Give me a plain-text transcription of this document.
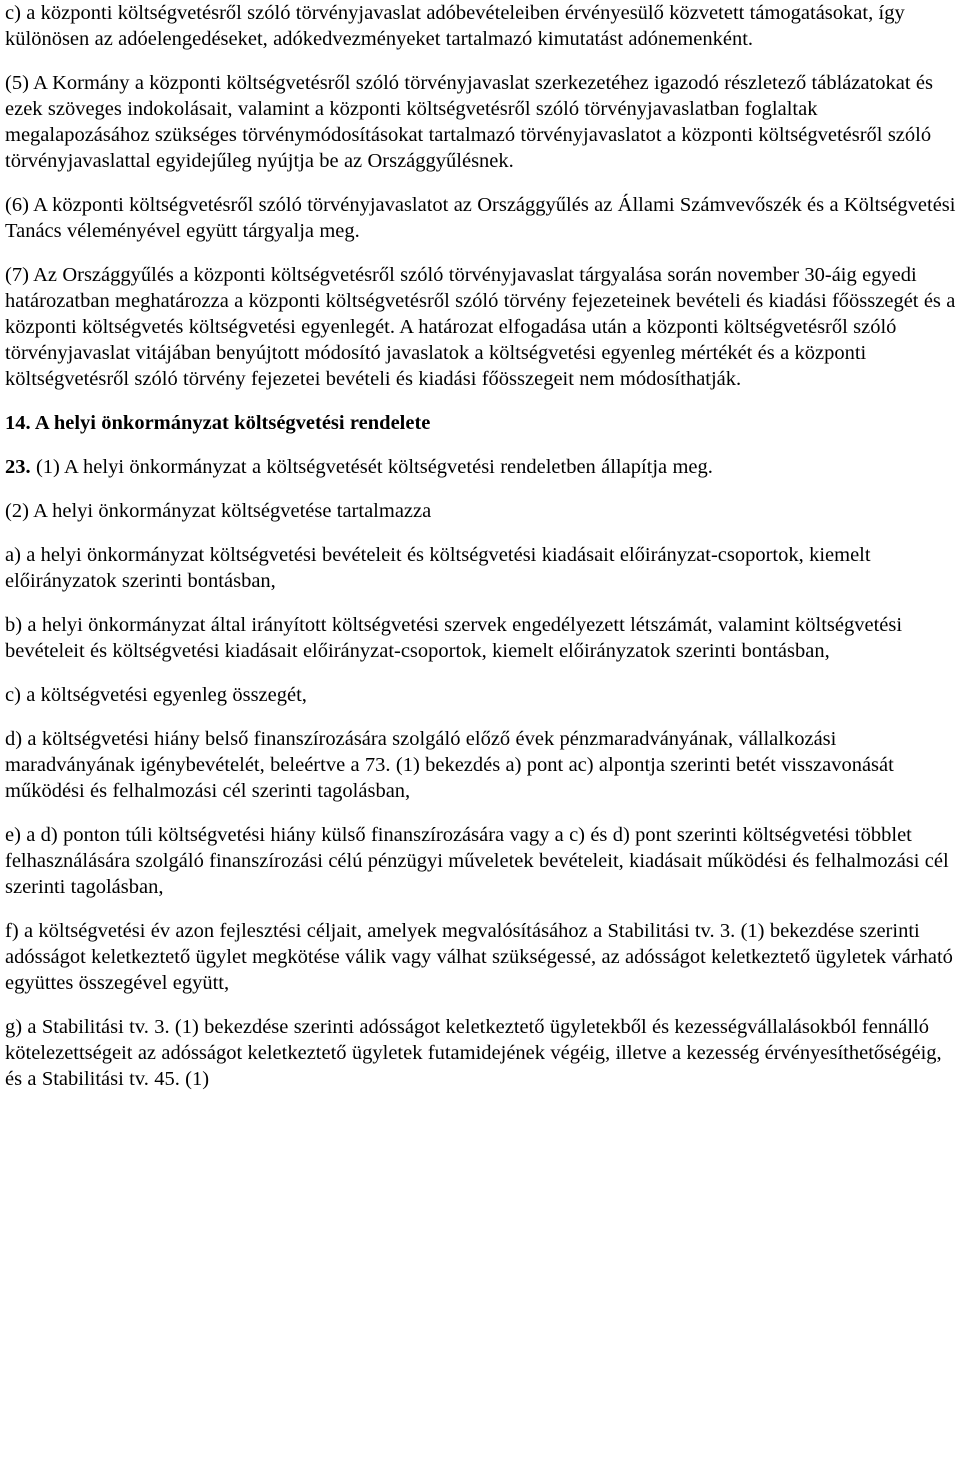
c) a központi költségvetésről szóló törvényjavaslat adóbevételeiben érvényesülő közvetett támogatásokat, így különösen az adóelengedéseket, adókedvezményeket tartalmazó kimutatást adónemenként.

(5) A Kormány a központi költségvetésről szóló törvényjavaslat szerkezetéhez igazodó részletező táblázatokat és ezek szöveges indokolásait, valamint a központi költségvetésről szóló törvényjavaslatban foglaltak megalapozásához szükséges törvénymódosításokat tartalmazó törvényjavaslatot a központi költségvetésről szóló törvényjavaslattal egyidejűleg nyújtja be az Országgyűlésnek.

(6) A központi költségvetésről szóló törvényjavaslatot az Országgyűlés az Állami Számvevőszék és a Költségvetési Tanács véleményével együtt tárgyalja meg.

(7) Az Országgyűlés a központi költségvetésről szóló törvényjavaslat tárgyalása során november 30-áig egyedi határozatban meghatározza a központi költségvetésről szóló törvény fejezeteinek bevételi és kiadási főösszegét és a központi költségvetés költségvetési egyenlegét. A határozat elfogadása után a központi költségvetésről szóló törvényjavaslat vitájában benyújtott módosító javaslatok a költségvetési egyenleg mértékét és a központi költségvetésről szóló törvény fejezetei bevételi és kiadási főösszegeit nem módosíthatják.

14. A helyi önkormányzat költségvetési rendelete

23. (1) A helyi önkormányzat a költségvetését költségvetési rendeletben állapítja meg.

(2) A helyi önkormányzat költségvetése tartalmazza

a) a helyi önkormányzat költségvetési bevételeit és költségvetési kiadásait előirányzat-csoportok, kiemelt előirányzatok szerinti bontásban,

b) a helyi önkormányzat által irányított költségvetési szervek engedélyezett létszámát, valamint költségvetési bevételeit és költségvetési kiadásait előirányzat-csoportok, kiemelt előirányzatok szerinti bontásban,

c) a költségvetési egyenleg összegét,

d) a költségvetési hiány belső finanszírozására szolgáló előző évek pénzmaradványának, vállalkozási maradványának igénybevételét, beleértve a 73. (1) bekezdés a) pont ac) alpontja szerinti betét visszavonását működési és felhalmozási cél szerinti tagolásban,

e) a d) ponton túli költségvetési hiány külső finanszírozására vagy a c) és d) pont szerinti költségvetési többlet felhasználására szolgáló finanszírozási célú pénzügyi műveletek bevételeit, kiadásait működési és felhalmozási cél szerinti tagolásban,

f) a költségvetési év azon fejlesztési céljait, amelyek megvalósításához a Stabilitási tv. 3. (1) bekezdése szerinti adósságot keletkeztető ügylet megkötése válik vagy válhat szükségessé, az adósságot keletkeztető ügyletek várható együttes összegével együtt,

g) a Stabilitási tv. 3. (1) bekezdése szerinti adósságot keletkeztető ügyletekből és kezességvállalásokból fennálló kötelezettségeit az adósságot keletkeztető ügyletek futamidejének végéig, illetve a kezesség érvényesíthetőségéig, és a Stabilitási tv. 45. (1)
